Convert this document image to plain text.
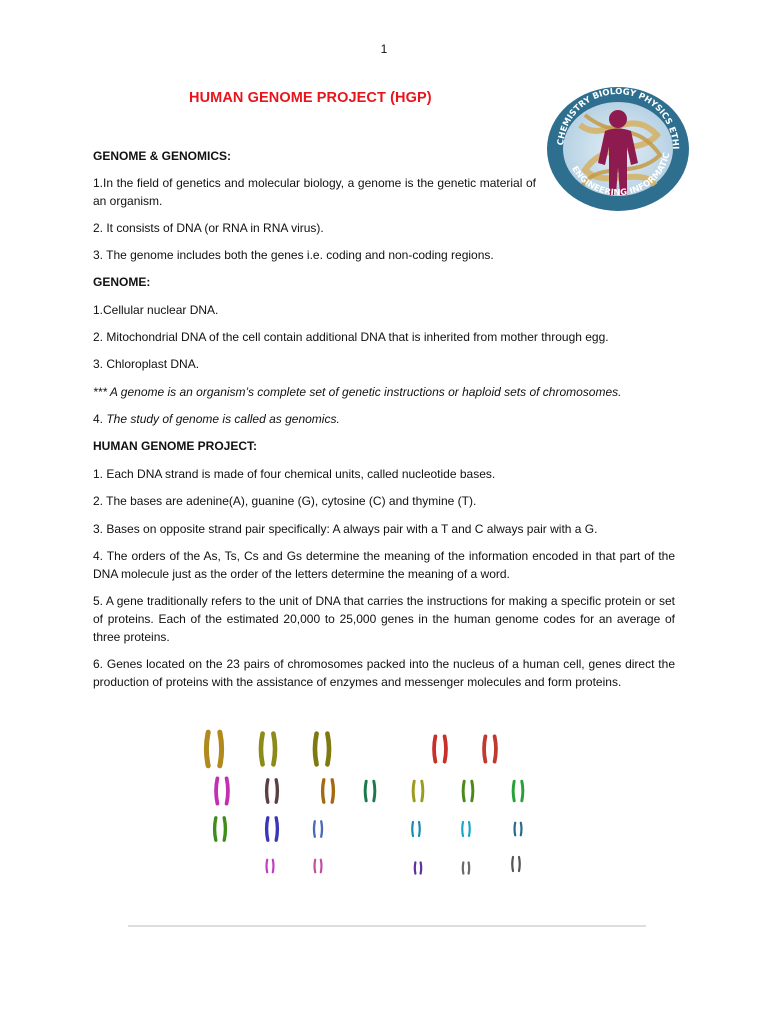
1
HUMAN GENOME PROJECT (HGP)
CHEMISTRY BIOLOGY PHYSICS ETHI
ENGINEERING INFORMATIC
GENOME & GENOMICS:
1.In the field of genetics and molecular biology, a genome is the genetic material of an organism.
2. It consists of DNA (or RNA in RNA virus).
3. The genome includes both the genes i.e. coding and non-coding regions.
GENOME:
1.Cellular nuclear DNA.
2. Mitochondrial DNA of the cell contain additional DNA that is inherited from mother through egg.
3. Chloroplast DNA.
*** A genome is an organism’s complete set of genetic instructions or haploid sets of chromosomes.
4. The study of genome is called as genomics.
HUMAN GENOME PROJECT:
1. Each DNA strand is made of four chemical units, called nucleotide bases.
2. The bases are adenine(A), guanine (G), cytosine (C) and thymine (T).
3. Bases on opposite strand pair specifically: A always pair with a T and C always pair with a G.
4. The orders of the As, Ts, Cs and Gs determine the meaning of the information encoded in that part of the DNA molecule just as the order of the letters determine the meaning of a word.
5. A gene traditionally refers to the unit of DNA that carries the instructions for making a specific protein or set of proteins. Each of the estimated 20,000 to 25,000 genes in the human genome codes for an average of three proteins.
6. Genes located on the 23 pairs of chromosomes packed into the nucleus of a human cell, genes direct the production of proteins with the assistance of enzymes and messenger molecules and form proteins.
